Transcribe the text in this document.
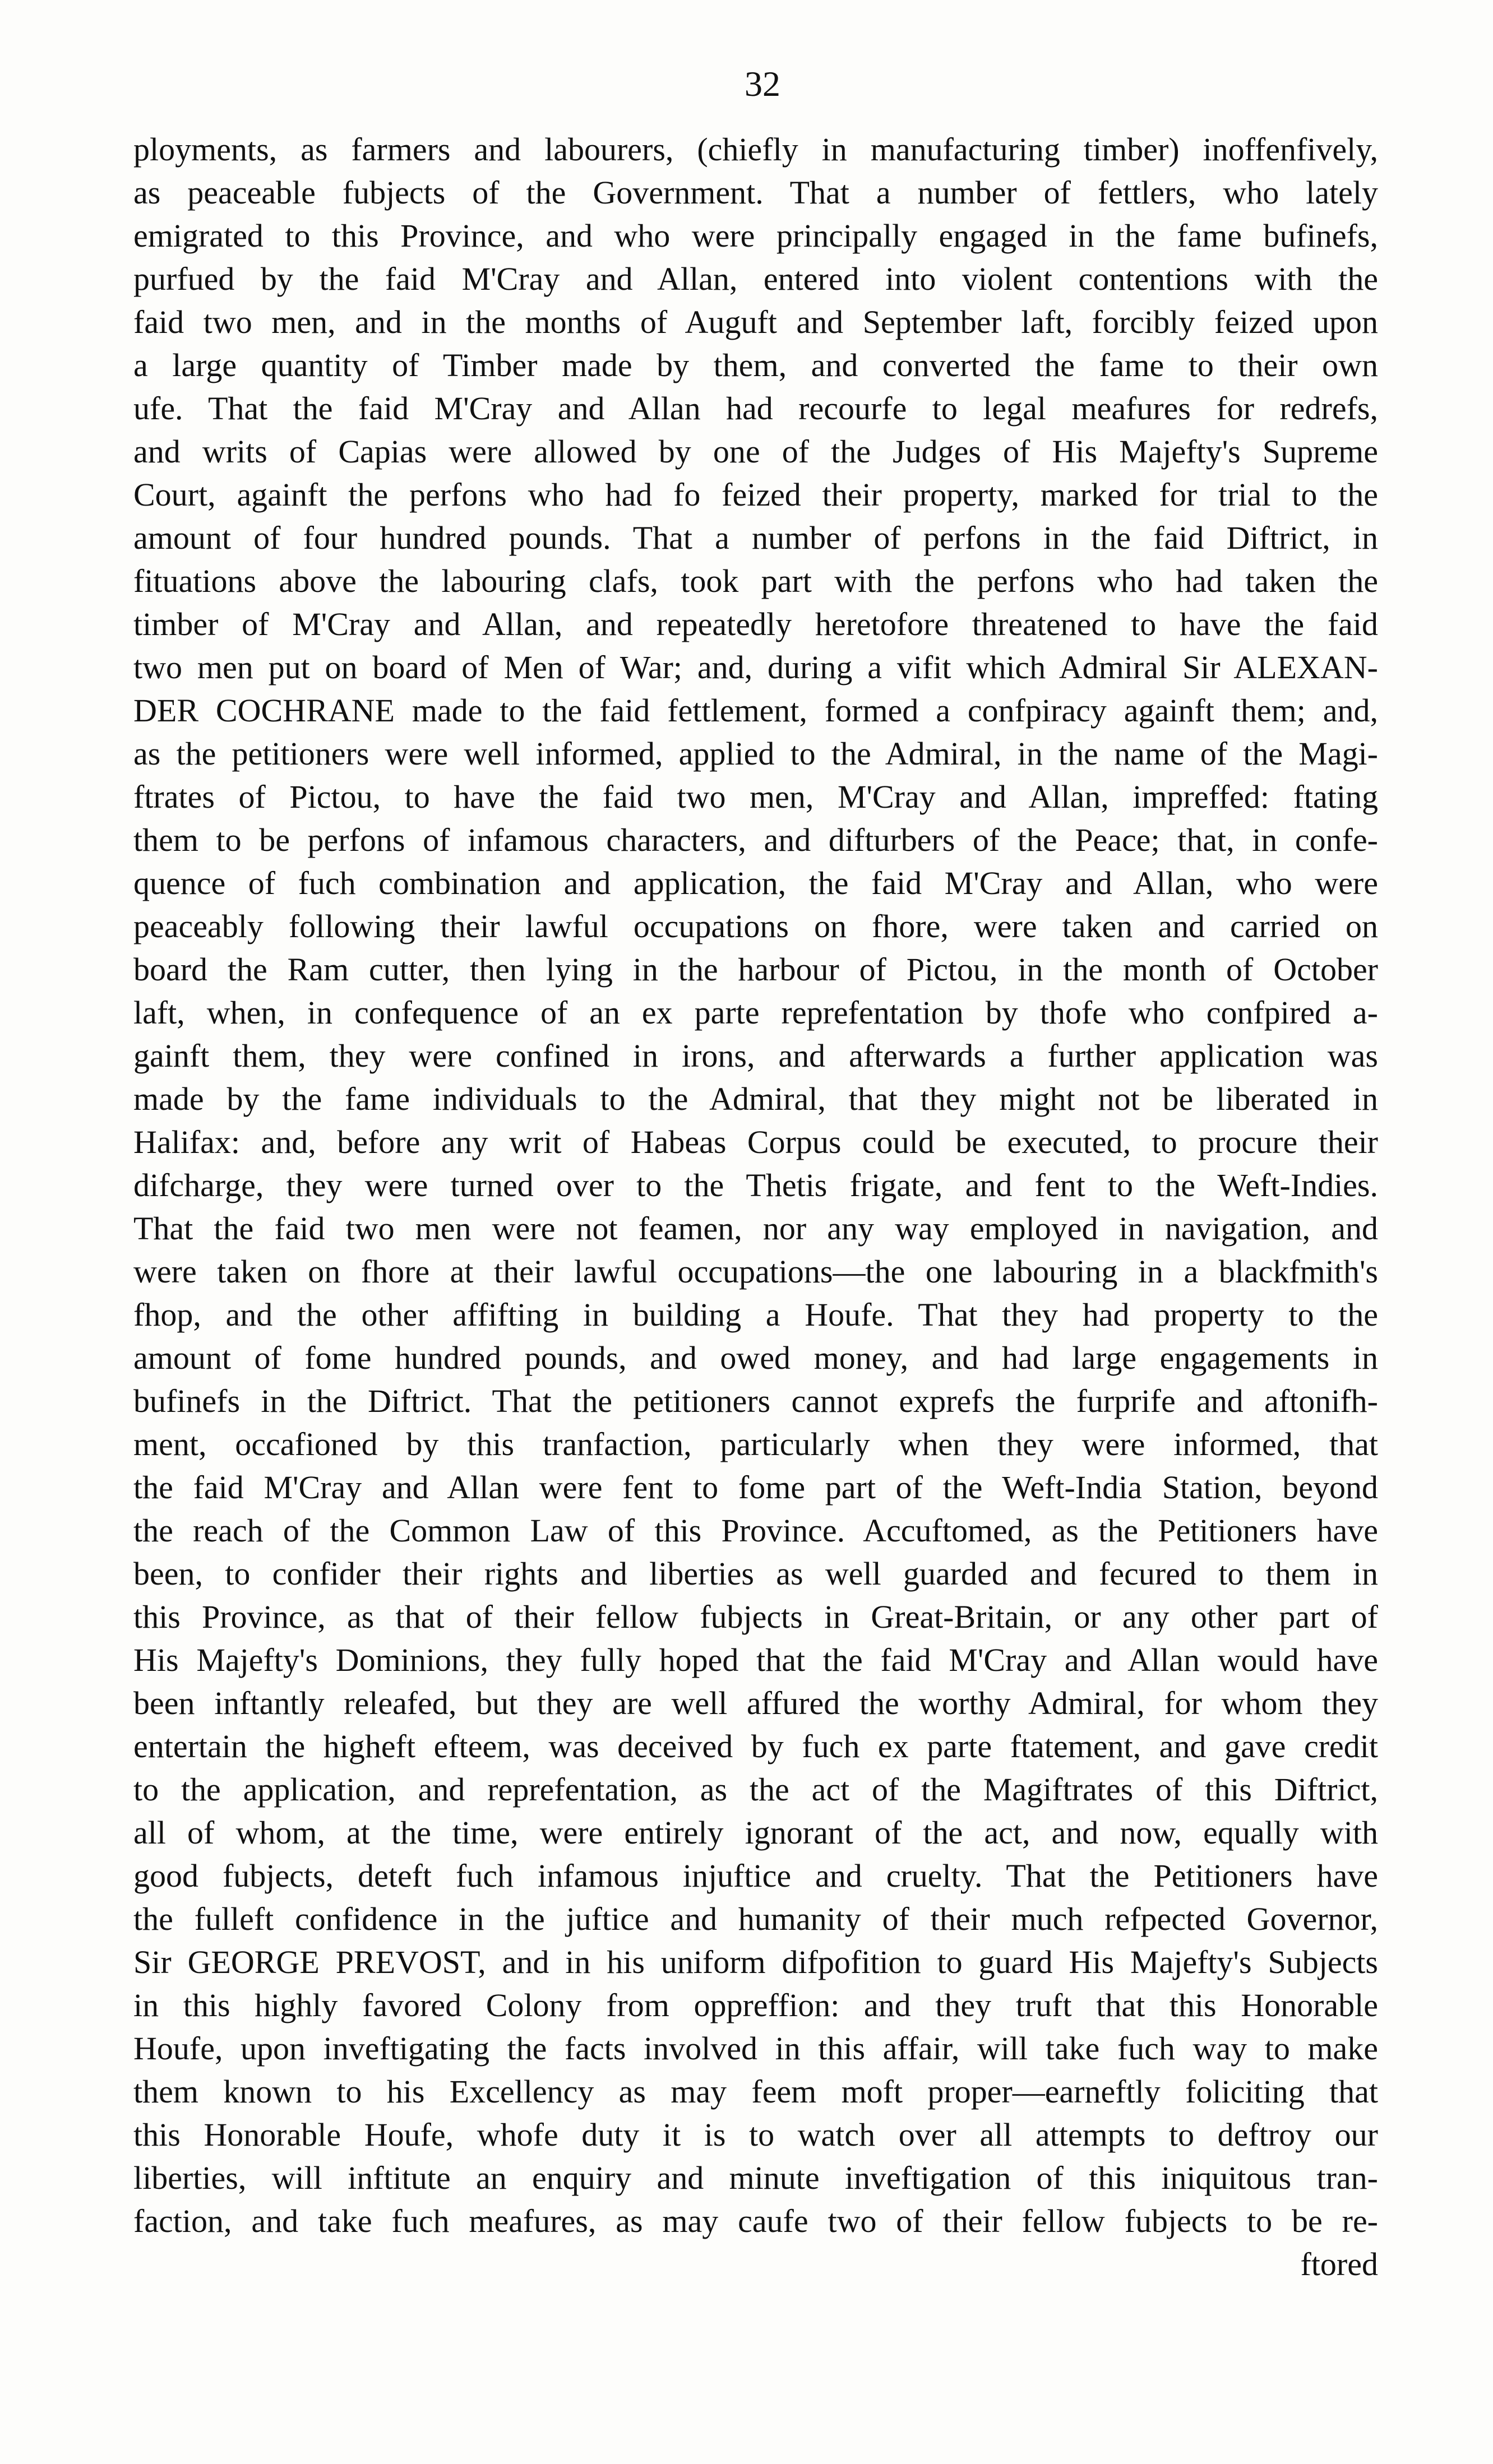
32
ployments, as farmers and labourers, (chiefly in manufacturing timber) inoffenfively,
as peaceable fubjects of the Government. That a number of fettlers, who lately
emigrated to this Province, and who were principally engaged in the fame bufinefs,
purfued by the faid M'Cray and Allan, entered into violent contentions with the
faid two men, and in the months of Auguft and September laft, forcibly feized upon
a large quantity of Timber made by them, and converted the fame to their own
ufe. That the faid M'Cray and Allan had recourfe to legal meafures for redrefs,
and writs of Capias were allowed by one of the Judges of His Majefty's Supreme
Court, againft the perfons who had fo feized their property, marked for trial to the
amount of four hundred pounds. That a number of perfons in the faid Diftrict, in
fituations above the labouring clafs, took part with the perfons who had taken the
timber of M'Cray and Allan, and repeatedly heretofore threatened to have the faid
two men put on board of Men of War; and, during a vifit which Admiral Sir ALEXAN-
DER COCHRANE made to the faid fettlement, formed a confpiracy againft them; and,
as the petitioners were well informed, applied to the Admiral, in the name of the Magi-
ftrates of Pictou, to have the faid two men, M'Cray and Allan, impreffed: ftating
them to be perfons of infamous characters, and difturbers of the Peace; that, in confe-
quence of fuch combination and application, the faid M'Cray and Allan, who were
peaceably following their lawful occupations on fhore, were taken and carried on
board the Ram cutter, then lying in the harbour of Pictou, in the month of October
laft, when, in confequence of an ex parte reprefentation by thofe who confpired a-
gainft them, they were confined in irons, and afterwards a further application was
made by the fame individuals to the Admiral, that they might not be liberated in
Halifax: and, before any writ of Habeas Corpus could be executed, to procure their
difcharge, they were turned over to the Thetis frigate, and fent to the Weft-Indies.
That the faid two men were not feamen, nor any way employed in navigation, and
were taken on fhore at their lawful occupations—the one labouring in a blackfmith's
fhop, and the other affifting in building a Houfe. That they had property to the
amount of fome hundred pounds, and owed money, and had large engagements in
bufinefs in the Diftrict. That the petitioners cannot exprefs the furprife and aftonifh-
ment, occafioned by this tranfaction, particularly when they were informed, that
the faid M'Cray and Allan were fent to fome part of the Weft-India Station, beyond
the reach of the Common Law of this Province. Accuftomed, as the Petitioners have
been, to confider their rights and liberties as well guarded and fecured to them in
this Province, as that of their fellow fubjects in Great-Britain, or any other part of
His Majefty's Dominions, they fully hoped that the faid M'Cray and Allan would have
been inftantly releafed, but they are well affured the worthy Admiral, for whom they
entertain the higheft efteem, was deceived by fuch ex parte ftatement, and gave credit
to the application, and reprefentation, as the act of the Magiftrates of this Diftrict,
all of whom, at the time, were entirely ignorant of the act, and now, equally with
good fubjects, deteft fuch infamous injuftice and cruelty. That the Petitioners have
the fulleft confidence in the juftice and humanity of their much refpected Governor,
Sir GEORGE PREVOST, and in his uniform difpofition to guard His Majefty's Subjects
in this highly favored Colony from oppreffion: and they truft that this Honorable
Houfe, upon inveftigating the facts involved in this affair, will take fuch way to make
them known to his Excellency as may feem moft proper—earneftly foliciting that
this Honorable Houfe, whofe duty it is to watch over all attempts to deftroy our
liberties, will inftitute an enquiry and minute inveftigation of this iniquitous tran-
faction, and take fuch meafures, as may caufe two of their fellow fubjects to be re-
ftored
